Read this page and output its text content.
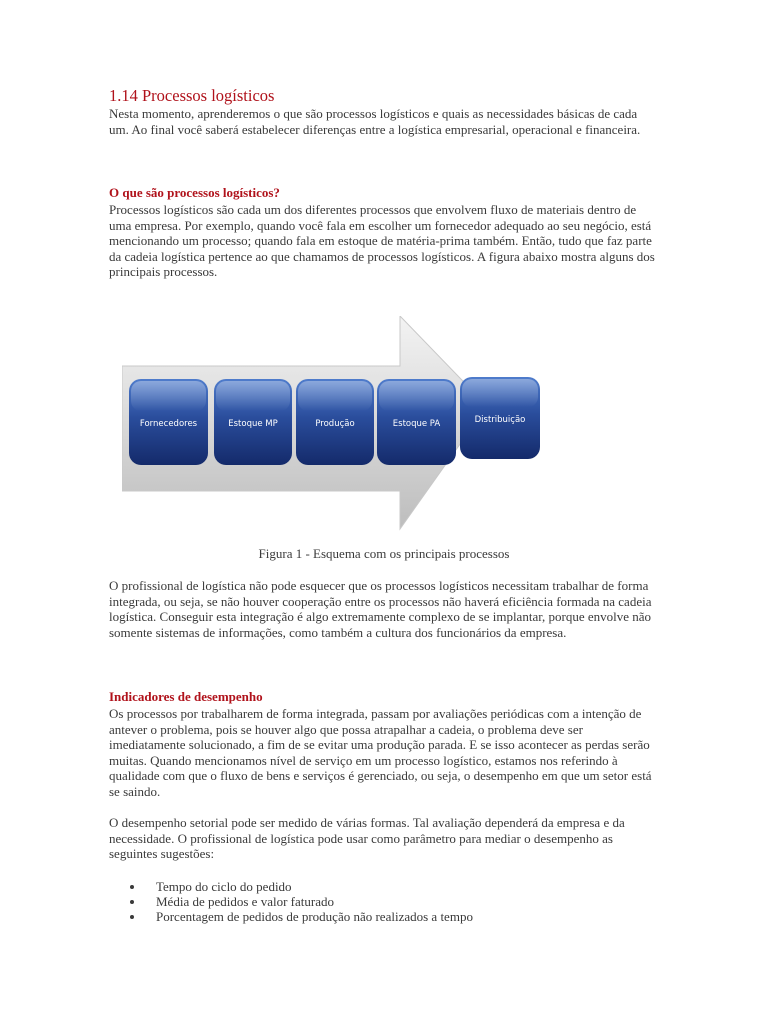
1.14 Processos logísticos

Nesta momento, aprenderemos o que são processos logísticos e quais as necessidades básicas de cada um. Ao final você saberá estabelecer diferenças entre a logística empresarial, operacional e financeira.

O que são processos logísticos?

Processos logísticos são cada um dos diferentes processos que envolvem fluxo de materiais dentro de uma empresa. Por exemplo, quando você fala em escolher um fornecedor adequado ao seu negócio, está mencionando um processo; quando fala em estoque de matéria-prima também. Então, tudo que faz parte da cadeia logística pertence ao que chamamos de processos logísticos. A figura abaixo mostra alguns dos principais processos.

Fornecedores	Estoque MP	Produção	Estoque PA	Distribuição

Figura 1 - Esquema com os principais processos

O profissional de logística não pode esquecer que os processos logísticos necessitam trabalhar de forma integrada, ou seja, se não houver cooperação entre os processos não haverá eficiência formada na cadeia logística. Conseguir esta integração é algo extremamente complexo de se implantar, porque envolve não somente sistemas de informações, como também a cultura dos funcionários da empresa.

Indicadores de desempenho

Os processos por trabalharem de forma integrada, passam por avaliações periódicas com a intenção de antever o problema, pois se houver algo que possa atrapalhar a cadeia, o problema deve ser imediatamente solucionado, a fim de se evitar uma produção parada. E se isso acontecer as perdas serão muitas. Quando mencionamos nível de serviço em um processo logístico, estamos nos referindo à qualidade com que o fluxo de bens e serviços é gerenciado, ou seja, o desempenho em que um setor está se saindo.

O desempenho setorial pode ser medido de várias formas. Tal avaliação dependerá da empresa e da necessidade. O profissional de logística pode usar como parâmetro para mediar o desempenho as seguintes sugestões:

Tempo do ciclo do pedido
Média de pedidos e valor faturado
Porcentagem de pedidos de produção não realizados a tempo
